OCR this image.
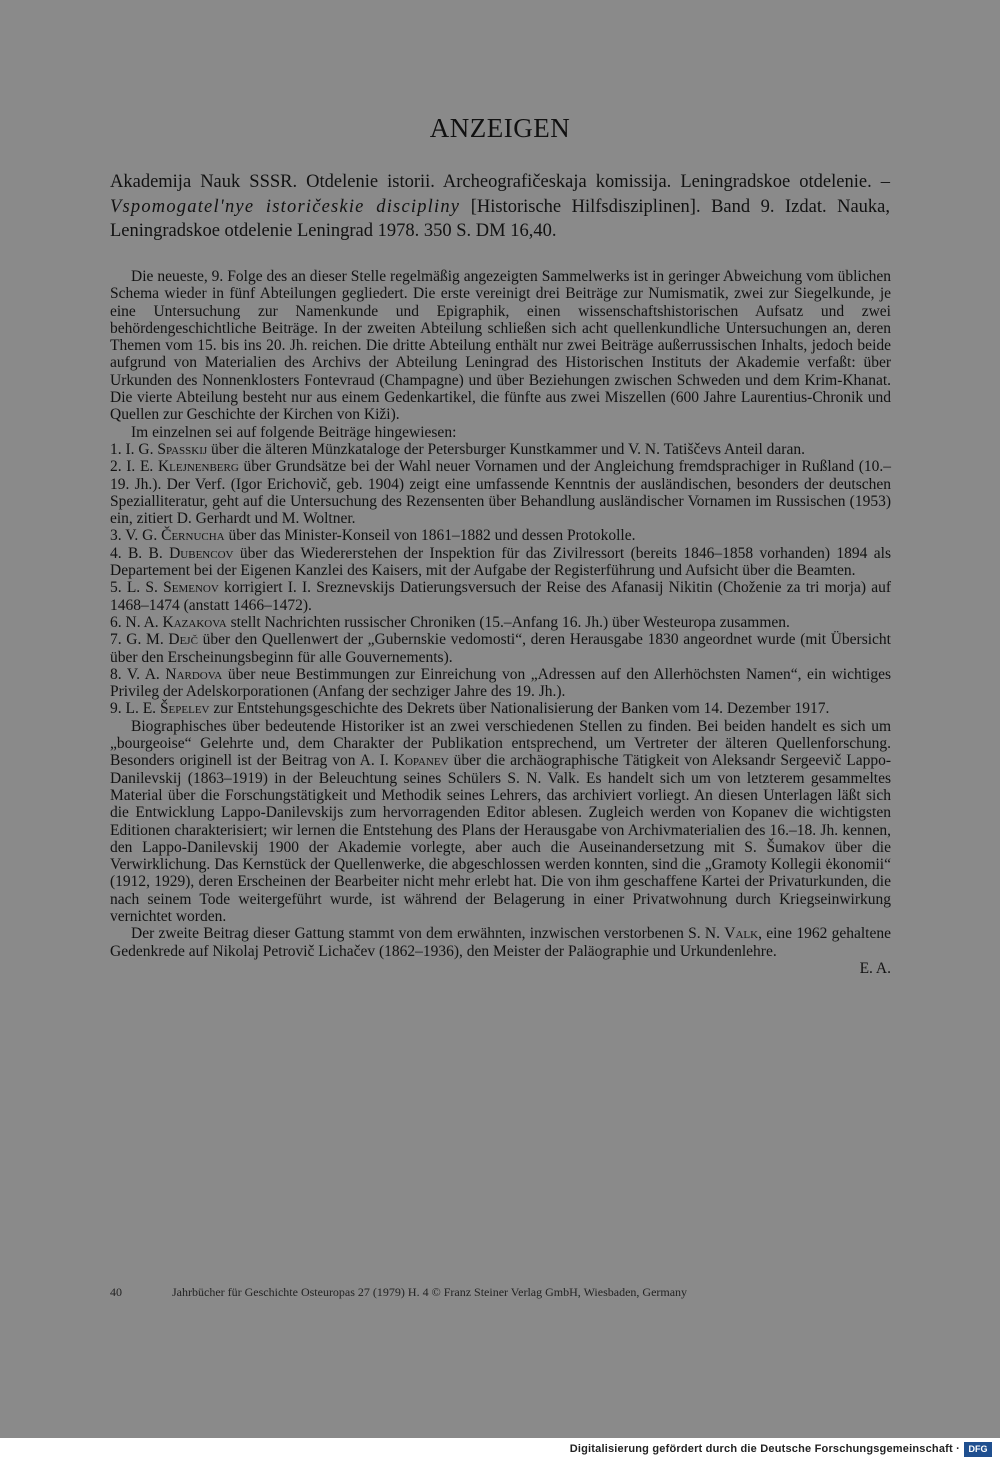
ANZEIGEN
Akademija Nauk SSSR. Otdelenie istorii. Archeografičeskaja komissija. Leningradskoe otdelenie. – Vspomogatel'nye istoričeskie discipliny [Historische Hilfsdisziplinen]. Band 9. Izdat. Nauka, Leningradskoe otdelenie Leningrad 1978. 350 S. DM 16,40.

Die neueste, 9. Folge des an dieser Stelle regelmäßig angezeigten Sammelwerks ist in geringer Abweichung vom üblichen Schema wieder in fünf Abteilungen gegliedert. Die erste vereinigt drei Beiträge zur Numismatik, zwei zur Siegelkunde, je eine Untersuchung zur Namenkunde und Epigraphik, einen wissenschaftshistorischen Aufsatz und zwei behördengeschichtliche Beiträge. In der zweiten Abteilung schließen sich acht quellenkundliche Untersuchungen an, deren Themen vom 15. bis ins 20. Jh. reichen. Die dritte Abteilung enthält nur zwei Beiträge außerrussischen Inhalts, jedoch beide aufgrund von Materialien des Archivs der Abteilung Leningrad des Historischen Instituts der Akademie verfaßt: über Urkunden des Nonnenklosters Fontevraud (Champagne) und über Beziehungen zwischen Schweden und dem Krim-Khanat. Die vierte Abteilung besteht nur aus einem Gedenkartikel, die fünfte aus zwei Miszellen (600 Jahre Laurentius-Chronik und Quellen zur Geschichte der Kirchen von Kiži).

Im einzelnen sei auf folgende Beiträge hingewiesen:

1. I. G. Spasskij über die älteren Münzkataloge der Petersburger Kunstkammer und V. N. Tatiščevs Anteil daran.
2. I. E. Klejnenberg über Grundsätze bei der Wahl neuer Vornamen und der Angleichung fremdsprachiger in Rußland (10.–19. Jh.). Der Verf. (Igor Erichovič, geb. 1904) zeigt eine umfassende Kenntnis der ausländischen, besonders der deutschen Spezialliteratur, geht auf die Untersuchung des Rezensenten über Behandlung ausländischer Vornamen im Russischen (1953) ein, zitiert D. Gerhardt und M. Woltner.
3. V. G. Černucha über das Minister-Konseil von 1861–1882 und dessen Protokolle.
4. B. B. Dubencov über das Wiedererstehen der Inspektion für das Zivilressort (bereits 1846–1858 vorhanden) 1894 als Departement bei der Eigenen Kanzlei des Kaisers, mit der Aufgabe der Registerführung und Aufsicht über die Beamten.
5. L. S. Semenov korrigiert I. I. Sreznevskijs Datierungsversuch der Reise des Afanasij Nikitin (Choženie za tri morja) auf 1468–1474 (anstatt 1466–1472).
6. N. A. Kazakova stellt Nachrichten russischer Chroniken (15.–Anfang 16. Jh.) über Westeuropa zusammen.
7. G. M. Dejč über den Quellenwert der „Gubernskie vedomosti“, deren Herausgabe 1830 angeordnet wurde (mit Übersicht über den Erscheinungsbeginn für alle Gouvernements).
8. V. A. Nardova über neue Bestimmungen zur Einreichung von „Adressen auf den Allerhöchsten Namen“, ein wichtiges Privileg der Adelskorporationen (Anfang der sechziger Jahre des 19. Jh.).
9. L. E. Šepelev zur Entstehungsgeschichte des Dekrets über Nationalisierung der Banken vom 14. Dezember 1917.

Biographisches über bedeutende Historiker ist an zwei verschiedenen Stellen zu finden. Bei beiden handelt es sich um „bourgeoise“ Gelehrte und, dem Charakter der Publikation entsprechend, um Vertreter der älteren Quellenforschung. Besonders originell ist der Beitrag von A. I. Kopanev über die archäographische Tätigkeit von Aleksandr Sergeevič Lappo-Danilevskij (1863–1919) in der Beleuchtung seines Schülers S. N. Valk. Es handelt sich um von letzterem gesammeltes Material über die Forschungstätigkeit und Methodik seines Lehrers, das archiviert vorliegt. An diesen Unterlagen läßt sich die Entwicklung Lappo-Danilevskijs zum hervorragenden Editor ablesen. Zugleich werden von Kopanev die wichtigsten Editionen charakterisiert; wir lernen die Entstehung des Plans der Herausgabe von Archivmaterialien des 16.–18. Jh. kennen, den Lappo-Danilevskij 1900 der Akademie vorlegte, aber auch die Auseinandersetzung mit S. Šumakov über die Verwirklichung. Das Kernstück der Quellenwerke, die abgeschlossen werden konnten, sind die „Gramoty Kollegii ėkonomii“ (1912, 1929), deren Erscheinen der Bearbeiter nicht mehr erlebt hat. Die von ihm geschaffene Kartei der Privaturkunden, die nach seinem Tode weitergeführt wurde, ist während der Belagerung in einer Privatwohnung durch Kriegseinwirkung vernichtet worden.

Der zweite Beitrag dieser Gattung stammt von dem erwähnten, inzwischen verstorbenen S. N. Valk, eine 1962 gehaltene Gedenkrede auf Nikolaj Petrovič Lichačev (1862–1936), den Meister der Paläographie und Urkundenlehre.

E. A.

40	Jahrbücher für Geschichte Osteuropas 27 (1979) H. 4 © Franz Steiner Verlag GmbH, Wiesbaden, Germany
Digitalisierung gefördert durch die Deutsche Forschungsgemeinschaft · DFG
